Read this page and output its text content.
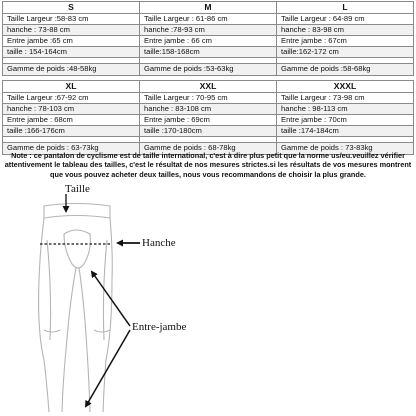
S	M	L
Taille Largeur :58-83 cm	Taille Largeur : 61-86 cm	Taille Largeur : 64-89 cm
hanche : 73-88 cm	hanche :78-93 cm	hanche : 83-98 cm
Entre jambe :65 cm	Entre jambe : 66 cm	Entre jambe : 67cm
taille : 154-164cm	taille:158-168cm	taille:162-172 cm

Gamme de poids :48-58kg	Gamme de poids :53-63kg	Gamme de poids :58-68kg
XL	XXL	XXXL
Taille Largeur :67-92 cm	Taille Largeur : 70-95 cm	Taille Largeur : 73-98 cm
hanche : 78-103 cm	hanche : 83-108 cm	hanche : 98-113 cm
Entre jambe : 68cm	Entre jambe : 69cm	Entre jambe : 70cm
taille :166-176cm	taille :170-180cm	taille :174-184cm

Gamme de poids : 63-73kg	Gamme de poids : 68-78kg	Gamme de poids : 73-83kg
Note : ce pantalon de cyclisme est de taille international, c'est à dire plus petit que la norme us/eu.veuillez vérifier attentivement le tableau des tailles, c'est le résultat de nos mesures strictes.si les résultats de vos mesures montrent que vous pouvez acheter deux tailles, nous vous recommandons de choisir la plus grande.
Taille
Hanche
Entre-jambe
